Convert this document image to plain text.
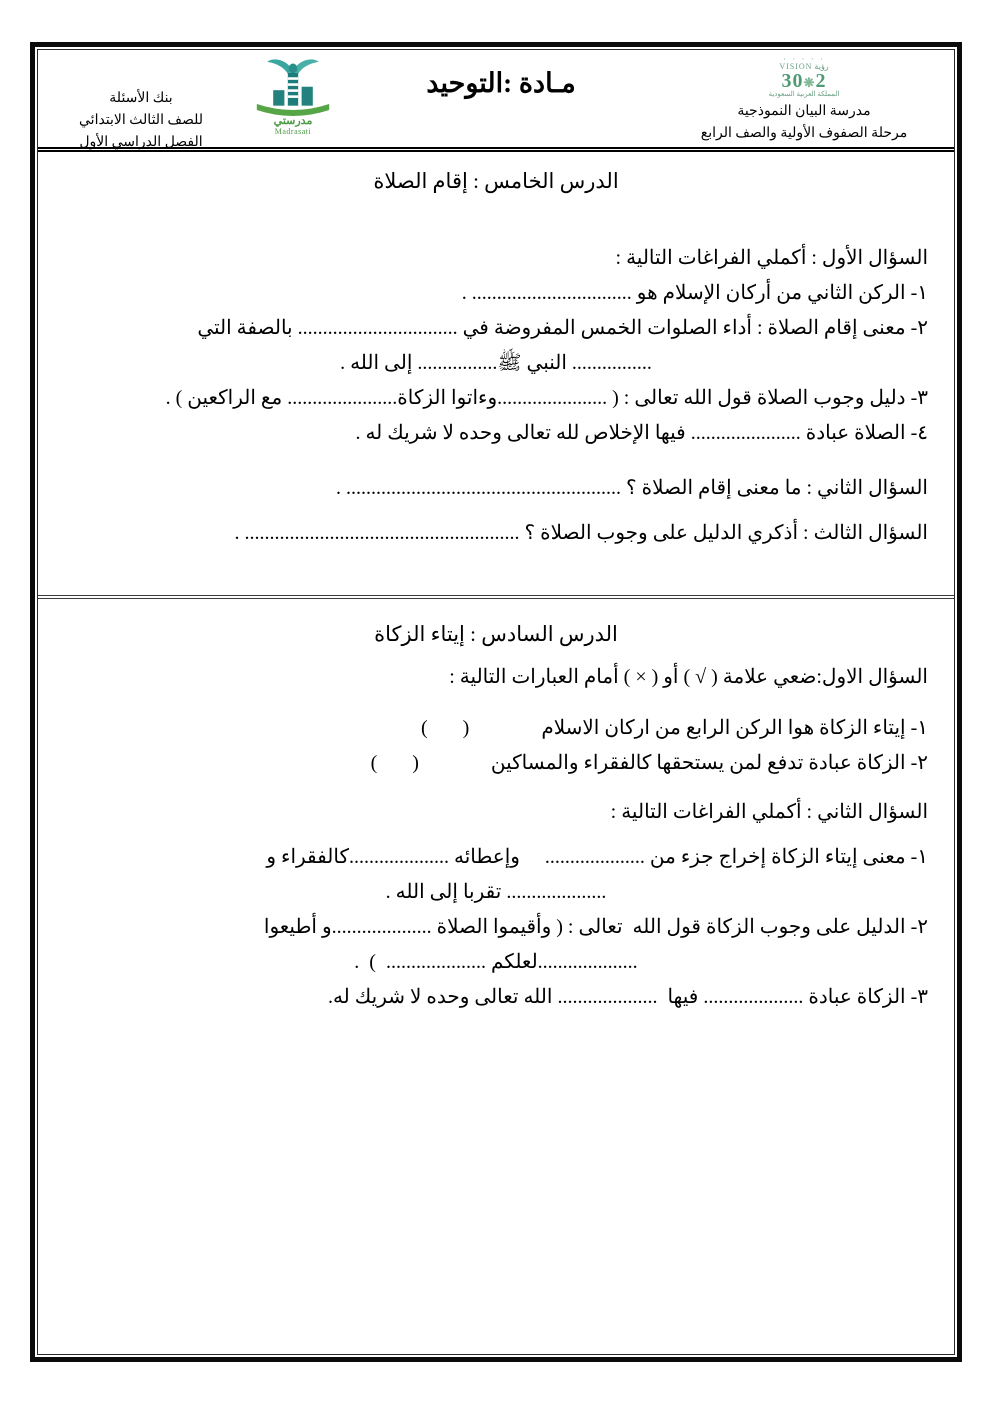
· · · · ·
رؤية VISION
2❋30
المملكة العربية السعودية
مدرسة البيان النموذجية
مرحلة الصفوف الأولية والصف الرابع
مـادة :التوحيد
مدرستي
Madrasati
بنك الأسئلة
للصف الثالث الابتدائي
الفصل الدراسي الأول

الدرس الخامس : إقام الصلاة

السؤال الأول : أكملي الفراغات التالية :

١- الركن الثاني من أركان الإسلام هو ................................ .

٢- معنى إقام الصلاة : أداء الصلوات الخمس المفروضة في ................................ بالصفة التي

................ النبي ﷺ................ إلى الله .

٣- دليل وجوب الصلاة قول الله تعالى : ( ......................وءاتوا الزكاة...................... مع الراكعين ) .

٤- الصلاة عبادة ...................... فيها الإخلاص لله تعالى وحده لا شريك له .

السؤال الثاني : ما معنى إقام الصلاة ؟ ....................................................... .

السؤال الثالث : أذكري الدليل على وجوب الصلاة ؟ ....................................................... .

الدرس السادس : إيتاء الزكاة

السؤال الاول:ضعي علامة ( √ ) أو ( × ) أمام العبارات التالية :

١- إيتاء الزكاة هوا الركن الرابع من اركان الاسلام(       )

٢- الزكاة عبادة تدفع لمن يستحقها كالفقراء والمساكين(       )

السؤال الثاني : أكملي الفراغات التالية :

١- معنى إيتاء الزكاة إخراج جزء من ....................     وإعطائه ....................كالفقراء و

.................... تقربا إلى الله .

٢- الدليل على وجوب الزكاة قول الله  تعالى : ( وأقيموا الصلاة ....................و أطيعوا

....................لعلكم ....................  )  .

٣- الزكاة عبادة .................... فيها  .................... الله تعالى وحده لا شريك له.
